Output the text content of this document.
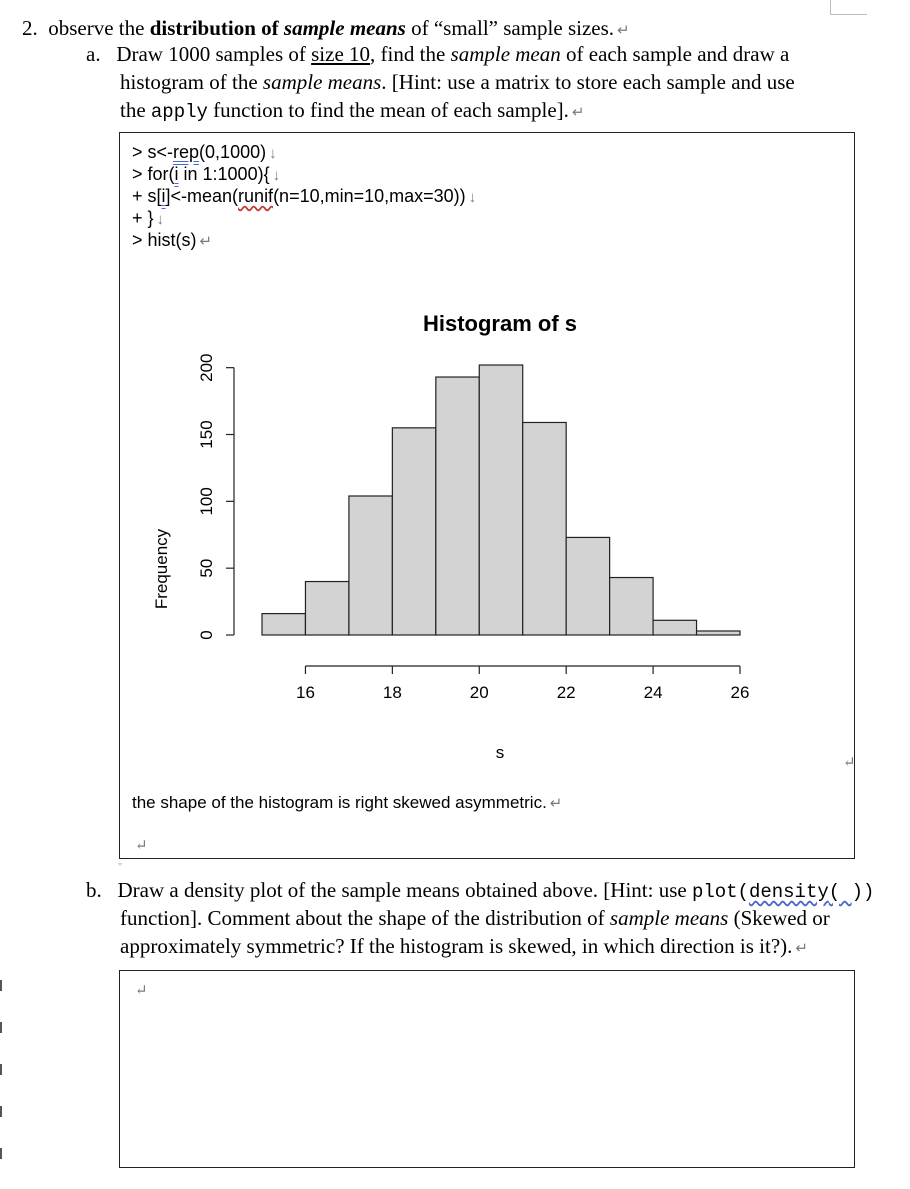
2. observe the distribution of sample means of “small” sample sizes. ↵
a. Draw 1000 samples of size 10, find the sample mean of each sample and draw a
histogram of the sample means. [Hint: use a matrix to store each sample and use
the apply function to find the mean of each sample]. ↵
> s<-rep(0,1000) ↓
> for(i in 1:1000){ ↓
+ s[i]<-mean(runif(n=10,min=10,max=30)) ↓
+ } ↓
> hist(s) ↵
Histogram of s
0
50
100
150
200
16	18	20	22	24	26
Frequency
s
↵
the shape of the histogram is right skewed asymmetric. ↵
↵
"
b. Draw a density plot of the sample means obtained above. [Hint: use plot(density( ))
function]. Comment about the shape of the distribution of sample means (Skewed or
approximately symmetric? If the histogram is skewed, in which direction is it?). ↵
↵
